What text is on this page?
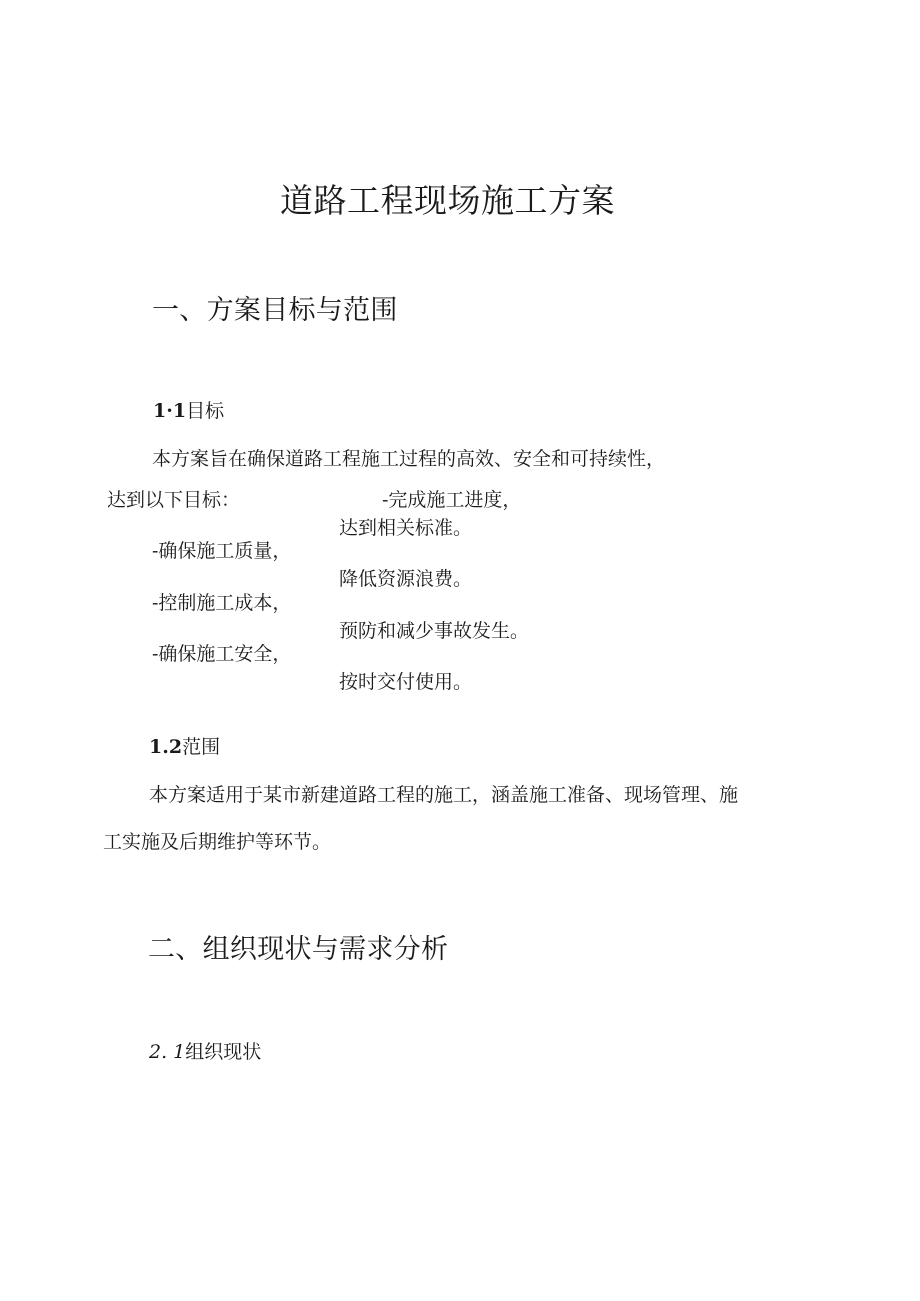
道路工程现场施工方案
一、方案目标与范围
1·1目标
本方案旨在确保道路工程施工过程的高效、安全和可持续性，
达到以下目标：	-完成施工进度，
达到相关标准。
-确保施工质量，
降低资源浪费。
-控制施工成本，
预防和减少事故发生。
-确保施工安全，
按时交付使用。
1.2范围
本方案适用于某市新建道路工程的施工，涵盖施工准备、现场管理、施
工实施及后期维护等环节。
二、组织现状与需求分析
2. 1组织现状
